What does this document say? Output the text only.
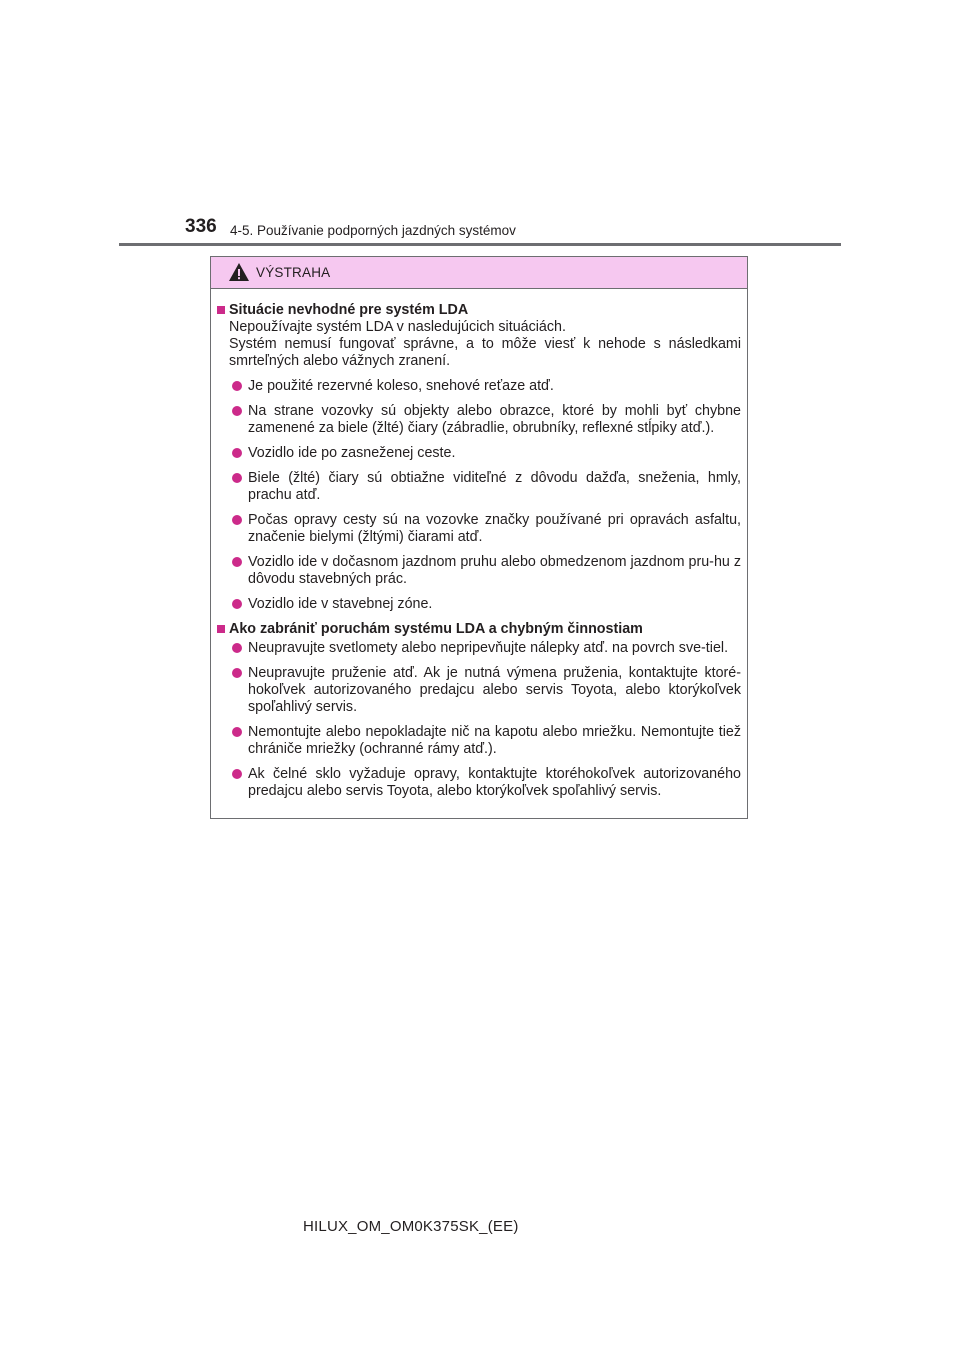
336 4-5. Používanie podporných jazdných systémov
VÝSTRAHA
Situácie nevhodné pre systém LDA

Nepoužívajte systém LDA v nasledujúcich situáciách.

Systém nemusí fungovať správne, a to môže viesť k nehode s následkami smrteľných alebo vážnych zranení.

Je použité rezervné koleso, snehové reťaze atď.
Na strane vozovky sú objekty alebo obrazce, ktoré by mohli byť chybne zamenené za biele (žlté) čiary (zábradlie, obrubníky, reflexné stĺpiky atď.).
Vozidlo ide po zasneženej ceste.
Biele (žlté) čiary sú obtiažne viditeľné z dôvodu dažďa, sneženia, hmly, prachu atď.
Počas opravy cesty sú na vozovke značky používané pri opravách asfaltu, značenie bielymi (žltými) čiarami atď.
Vozidlo ide v dočasnom jazdnom pruhu alebo obmedzenom jazdnom pru-hu z dôvodu stavebných prác.
Vozidlo ide v stavebnej zóne.
Ako zabrániť poruchám systému LDA a chybným činnostiam
Neupravujte svetlomety alebo nepripevňujte nálepky atď. na povrch sve-tiel.
Neupravujte pruženie atď. Ak je nutná výmena pruženia, kontaktujte ktoré-hokoľvek autorizovaného predajcu alebo servis Toyota, alebo ktorýkoľvek spoľahlivý servis.
Nemontujte alebo nepokladajte nič na kapotu alebo mriežku. Nemontujte tiež chrániče mriežky (ochranné rámy atď.).
Ak čelné sklo vyžaduje opravy, kontaktujte ktoréhokoľvek autorizovaného predajcu alebo servis Toyota, alebo ktorýkoľvek spoľahlivý servis.
HILUX_OM_OM0K375SK_(EE)
